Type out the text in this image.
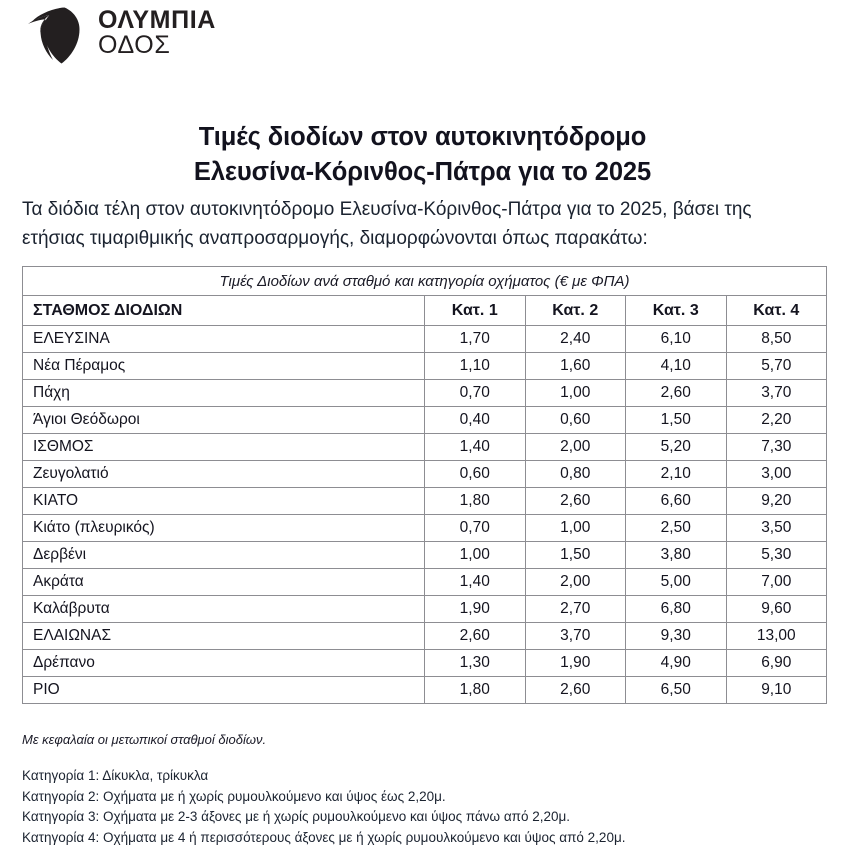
ΟΛΥΜΠΙΑ
ΟΔΟΣ
Τιμές διοδίων στον αυτοκινητόδρομο
Ελευσίνα-Κόρινθος-Πάτρα για το 2025
Τα διόδια τέλη στον αυτοκινητόδρομο Ελευσίνα-Κόρινθος-Πάτρα για το 2025, βάσει της
ετήσιας τιμαριθμικής αναπροσαρμογής, διαμορφώνονται όπως παρακάτω:
Τιμές Διοδίων ανά σταθμό και κατηγορία οχήματος (€ με ΦΠΑ)				
ΣΤΑΘΜΟΣ ΔΙΟΔΙΩΝ	Κατ. 1	Κατ. 2	Κατ. 3	Κατ. 4
ΕΛΕΥΣΙΝΑ	1,70	2,40	6,10	8,50
Νέα Πέραμος	1,10	1,60	4,10	5,70
Πάχη	0,70	1,00	2,60	3,70
Άγιοι Θεόδωροι	0,40	0,60	1,50	2,20
ΙΣΘΜΟΣ	1,40	2,00	5,20	7,30
Ζευγολατιό	0,60	0,80	2,10	3,00
ΚΙΑΤΟ	1,80	2,60	6,60	9,20
Κιάτο (πλευρικός)	0,70	1,00	2,50	3,50
Δερβένι	1,00	1,50	3,80	5,30
Ακράτα	1,40	2,00	5,00	7,00
Καλάβρυτα	1,90	2,70	6,80	9,60
ΕΛΑΙΩΝΑΣ	2,60	3,70	9,30	13,00
Δρέπανο	1,30	1,90	4,90	6,90
ΡΙΟ	1,80	2,60	6,50	9,10
Με κεφαλαία οι μετωπικοί σταθμοί διοδίων.
Κατηγορία 1: Δίκυκλα, τρίκυκλα
Κατηγορία 2: Οχήματα με ή χωρίς ρυμουλκούμενο και ύψος έως 2,20μ.
Κατηγορία 3: Οχήματα με 2-3 άξονες με ή χωρίς ρυμουλκούμενο και ύψος πάνω από 2,20μ.
Κατηγορία 4: Οχήματα με 4 ή περισσότερους άξονες με ή χωρίς ρυμουλκούμενο και ύψος από 2,20μ.
